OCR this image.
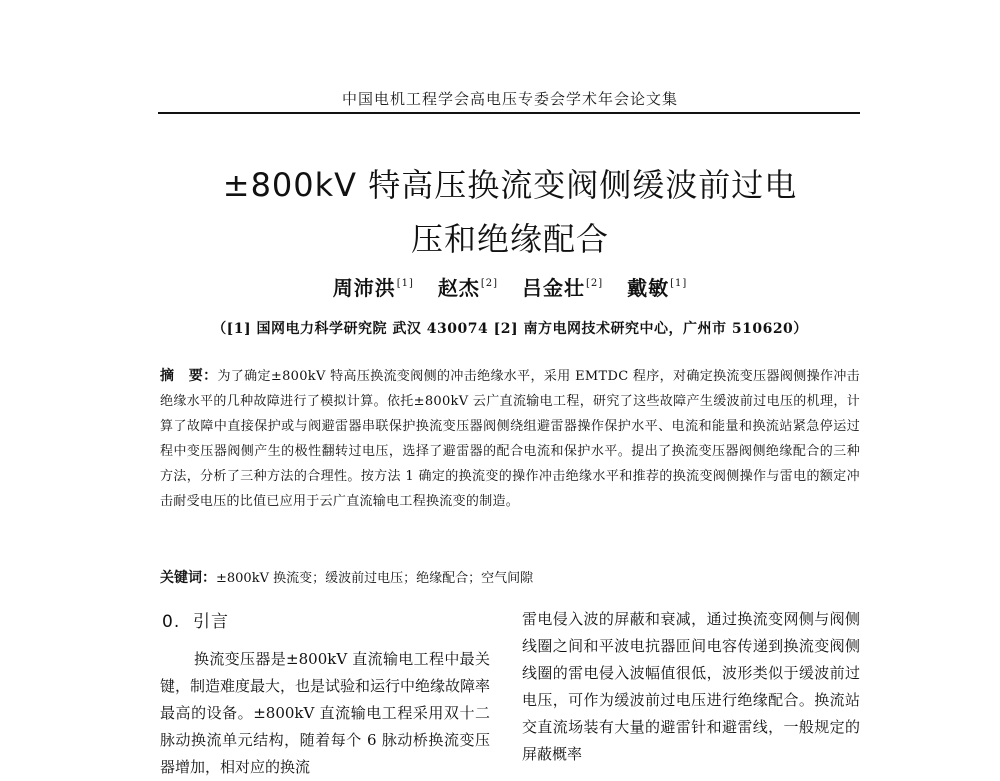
中国电机工程学会高电压专委会学术年会论文集
±800kV 特高压换流变阀侧缓波前过电
压和绝缘配合
周沛洪[1] 赵杰[2] 吕金壮[2] 戴敏[1]
（[1] 国网电力科学研究院 武汉 430074 [2] 南方电网技术研究中心，广州市 510620）
摘　要：为了确定±800kV 特高压换流变阀侧的冲击绝缘水平，采用 EMTDC 程序，对确定换流变压器阀侧操作冲击绝缘水平的几种故障进行了模拟计算。依托±800kV 云广直流输电工程，研究了这些故障产生缓波前过电压的机理，计算了故障中直接保护或与阀避雷器串联保护换流变压器阀侧绕组避雷器操作保护水平、电流和能量和换流站紧急停运过程中变压器阀侧产生的极性翻转过电压，选择了避雷器的配合电流和保护水平。提出了换流变压器阀侧绝缘配合的三种方法，分析了三种方法的合理性。按方法 1 确定的换流变的操作冲击绝缘水平和推荐的换流变阀侧操作与雷电的额定冲击耐受电压的比值已应用于云广直流输电工程换流变的制造。
关键词：±800kV 换流变；缓波前过电压；绝缘配合；空气间隙
0. 引言
换流变压器是±800kV 直流输电工程中最关键，制造难度最大，也是试验和运行中绝缘故障率最高的设备。±800kV 直流输电工程采用双十二脉动换流单元结构，随着每个 6 脉动桥换流变压器增加，相对应的换流
雷电侵入波的屏蔽和衰减，通过换流变网侧与阀侧线圈之间和平波电抗器匝间电容传递到换流变阀侧线圈的雷电侵入波幅值很低，波形类似于缓波前过电压，可作为缓波前过电压进行绝缘配合。换流站交直流场装有大量的避雷针和避雷线，一般规定的屏蔽概率
